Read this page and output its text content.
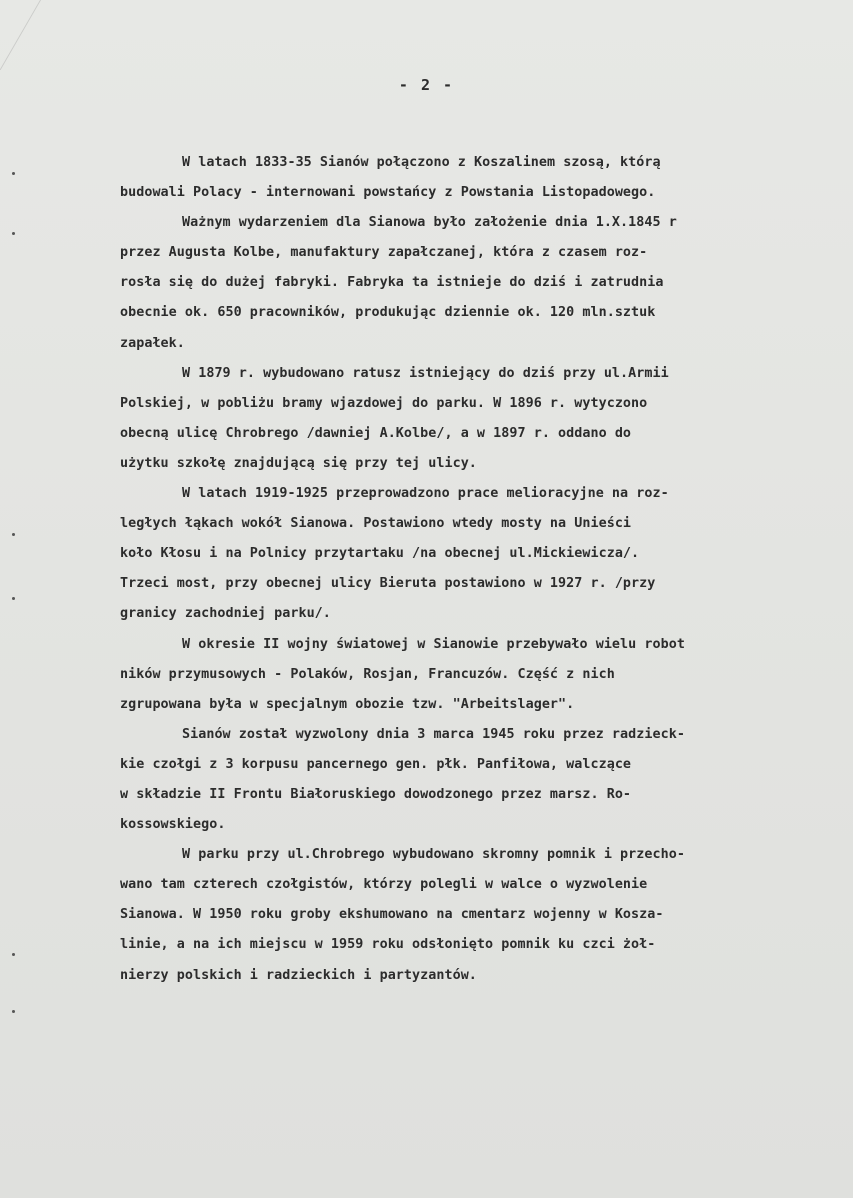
- 2 -
W latach 1833-35 Sianów połączono z Koszalinem szosą, którą
budowali Polacy - internowani powstańcy z Powstania Listopadowego.
Ważnym wydarzeniem dla Sianowa było założenie dnia 1.X.1845 r
przez Augusta Kolbe, manufaktury zapałczanej, która z czasem roz-
rosła się do dużej fabryki. Fabryka ta istnieje do dziś i zatrudnia
obecnie ok. 650 pracowników, produkując dziennie ok. 120 mln.sztuk
zapałek.
W 1879 r. wybudowano ratusz istniejący do dziś przy ul.Armii
Polskiej, w pobliżu bramy wjazdowej do parku. W 1896 r. wytyczono
obecną ulicę Chrobrego /dawniej A.Kolbe/, a w 1897 r. oddano do
użytku szkołę znajdującą się przy tej ulicy.
W latach 1919-1925 przeprowadzono prace melioracyjne na roz-
ległych łąkach wokół Sianowa. Postawiono wtedy mosty na Unieści
koło Kłosu i na Polnicy przytartaku /na obecnej ul.Mickiewicza/.
Trzeci most, przy obecnej ulicy Bieruta postawiono w 1927 r. /przy
granicy zachodniej parku/.
W okresie II wojny światowej w Sianowie przebywało wielu robot
ników przymusowych - Polaków, Rosjan, Francuzów. Część z nich
zgrupowana była w specjalnym obozie tzw. "Arbeitslager".
Sianów został wyzwolony dnia 3 marca 1945 roku przez radzieck-
kie czołgi z 3 korpusu pancernego gen. płk. Panfiłowa, walczące
w składzie II Frontu Białoruskiego dowodzonego przez marsz. Ro-
kossowskiego.
W parku przy ul.Chrobrego wybudowano skromny pomnik i przecho-
wano tam czterech czołgistów, którzy polegli w walce o wyzwolenie
Sianowa. W 1950 roku groby ekshumowano na cmentarz wojenny w Kosza-
linie, a na ich miejscu w 1959 roku odsłonięto pomnik ku czci żoł-
nierzy polskich i radzieckich i partyzantów.
